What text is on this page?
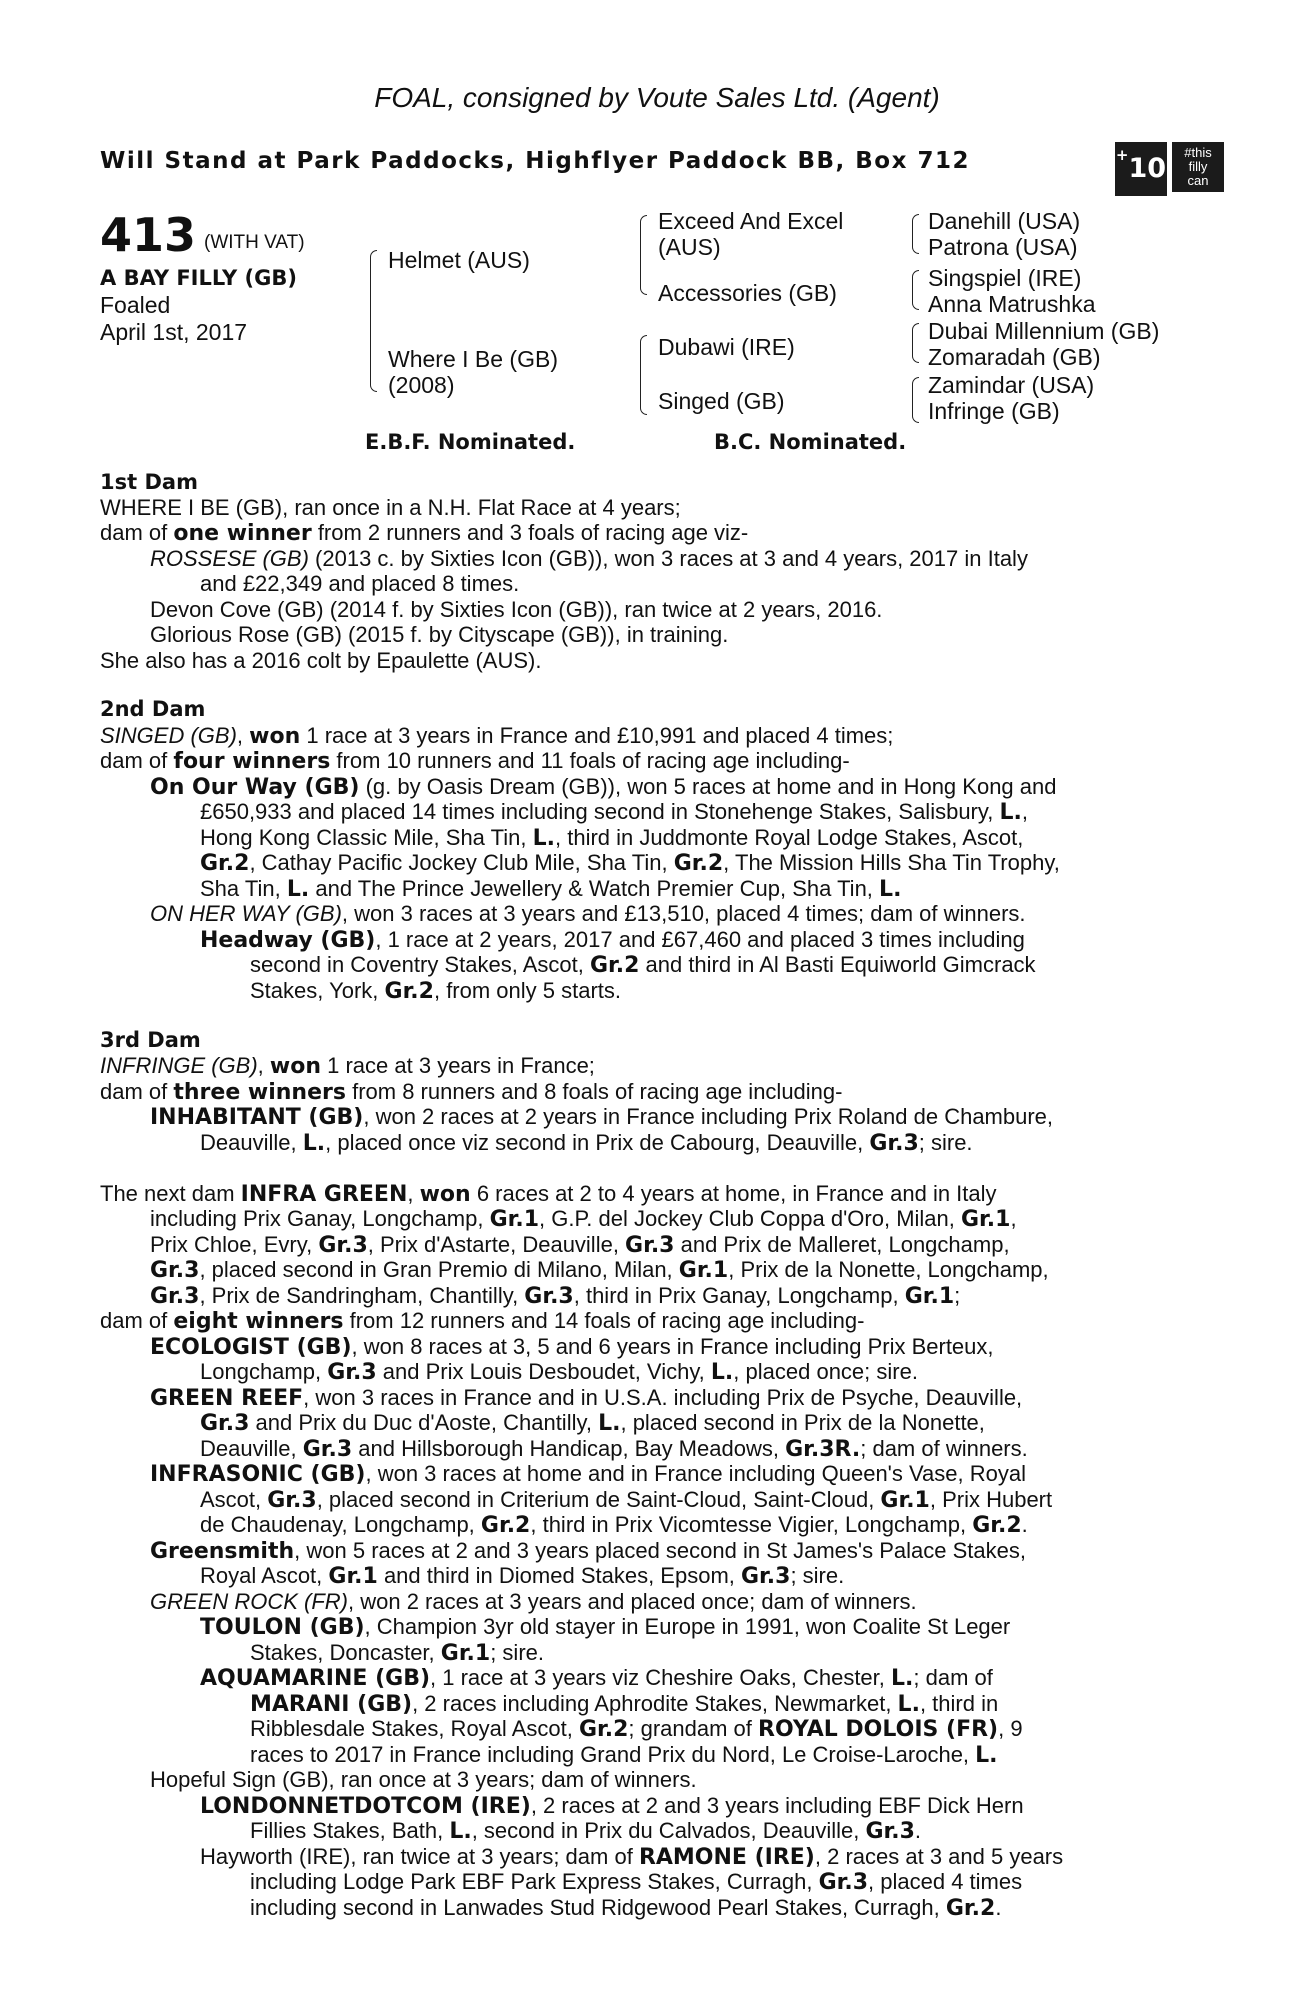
FOAL, consigned by Voute Sales Ltd. (Agent)
Will Stand at Park Paddocks, Highflyer Paddock BB, Box 712	+10
#this
filly
can
413 (WITH VAT)
A BAY FILLY (GB)
Foaled
April 1st, 2017
Helmet (AUS)
Where I Be (GB)
(2008)
Exceed And Excel
(AUS)
Accessories (GB)
Dubawi (IRE)
Singed (GB)
Danehill (USA)
Patrona (USA)
Singspiel (IRE)
Anna Matrushka
Dubai Millennium (GB)
Zomaradah (GB)
Zamindar (USA)
Infringe (GB)
E.B.F. Nominated.	B.C. Nominated.
1st Dam
WHERE I BE (GB), ran once in a N.H. Flat Race at 4 years;
dam of one winner from 2 runners and 3 foals of racing age viz-
ROSSESE (GB) (2013 c. by Sixties Icon (GB)), won 3 races at 3 and 4 years, 2017 in Italy
and £22,349 and placed 8 times.
Devon Cove (GB) (2014 f. by Sixties Icon (GB)), ran twice at 2 years, 2016.
Glorious Rose (GB) (2015 f. by Cityscape (GB)), in training.
She also has a 2016 colt by Epaulette (AUS).
2nd Dam
SINGED (GB), won 1 race at 3 years in France and £10,991 and placed 4 times;
dam of four winners from 10 runners and 11 foals of racing age including-
On Our Way (GB) (g. by Oasis Dream (GB)), won 5 races at home and in Hong Kong and
£650,933 and placed 14 times including second in Stonehenge Stakes, Salisbury, L.,
Hong Kong Classic Mile, Sha Tin, L., third in Juddmonte Royal Lodge Stakes, Ascot,
Gr.2, Cathay Pacific Jockey Club Mile, Sha Tin, Gr.2, The Mission Hills Sha Tin Trophy,
Sha Tin, L. and The Prince Jewellery & Watch Premier Cup, Sha Tin, L.
ON HER WAY (GB), won 3 races at 3 years and £13,510, placed 4 times; dam of winners.
Headway (GB), 1 race at 2 years, 2017 and £67,460 and placed 3 times including
second in Coventry Stakes, Ascot, Gr.2 and third in Al Basti Equiworld Gimcrack
Stakes, York, Gr.2, from only 5 starts.
3rd Dam
INFRINGE (GB), won 1 race at 3 years in France;
dam of three winners from 8 runners and 8 foals of racing age including-
INHABITANT (GB), won 2 races at 2 years in France including Prix Roland de Chambure,
Deauville, L., placed once viz second in Prix de Cabourg, Deauville, Gr.3; sire.
The next dam INFRA GREEN, won 6 races at 2 to 4 years at home, in France and in Italy
including Prix Ganay, Longchamp, Gr.1, G.P. del Jockey Club Coppa d'Oro, Milan, Gr.1,
Prix Chloe, Evry, Gr.3, Prix d'Astarte, Deauville, Gr.3 and Prix de Malleret, Longchamp,
Gr.3, placed second in Gran Premio di Milano, Milan, Gr.1, Prix de la Nonette, Longchamp,
Gr.3, Prix de Sandringham, Chantilly, Gr.3, third in Prix Ganay, Longchamp, Gr.1;
dam of eight winners from 12 runners and 14 foals of racing age including-
ECOLOGIST (GB), won 8 races at 3, 5 and 6 years in France including Prix Berteux,
Longchamp, Gr.3 and Prix Louis Desboudet, Vichy, L., placed once; sire.
GREEN REEF, won 3 races in France and in U.S.A. including Prix de Psyche, Deauville,
Gr.3 and Prix du Duc d'Aoste, Chantilly, L., placed second in Prix de la Nonette,
Deauville, Gr.3 and Hillsborough Handicap, Bay Meadows, Gr.3R.; dam of winners.
INFRASONIC (GB), won 3 races at home and in France including Queen's Vase, Royal
Ascot, Gr.3, placed second in Criterium de Saint-Cloud, Saint-Cloud, Gr.1, Prix Hubert
de Chaudenay, Longchamp, Gr.2, third in Prix Vicomtesse Vigier, Longchamp, Gr.2.
Greensmith, won 5 races at 2 and 3 years placed second in St James's Palace Stakes,
Royal Ascot, Gr.1 and third in Diomed Stakes, Epsom, Gr.3; sire.
GREEN ROCK (FR), won 2 races at 3 years and placed once; dam of winners.
TOULON (GB), Champion 3yr old stayer in Europe in 1991, won Coalite St Leger
Stakes, Doncaster, Gr.1; sire.
AQUAMARINE (GB), 1 race at 3 years viz Cheshire Oaks, Chester, L.; dam of
MARANI (GB), 2 races including Aphrodite Stakes, Newmarket, L., third in
Ribblesdale Stakes, Royal Ascot, Gr.2; grandam of ROYAL DOLOIS (FR), 9
races to 2017 in France including Grand Prix du Nord, Le Croise-Laroche, L.
Hopeful Sign (GB), ran once at 3 years; dam of winners.
LONDONNETDOTCOM (IRE), 2 races at 2 and 3 years including EBF Dick Hern
Fillies Stakes, Bath, L., second in Prix du Calvados, Deauville, Gr.3.
Hayworth (IRE), ran twice at 3 years; dam of RAMONE (IRE), 2 races at 3 and 5 years
including Lodge Park EBF Park Express Stakes, Curragh, Gr.3, placed 4 times
including second in Lanwades Stud Ridgewood Pearl Stakes, Curragh, Gr.2.
